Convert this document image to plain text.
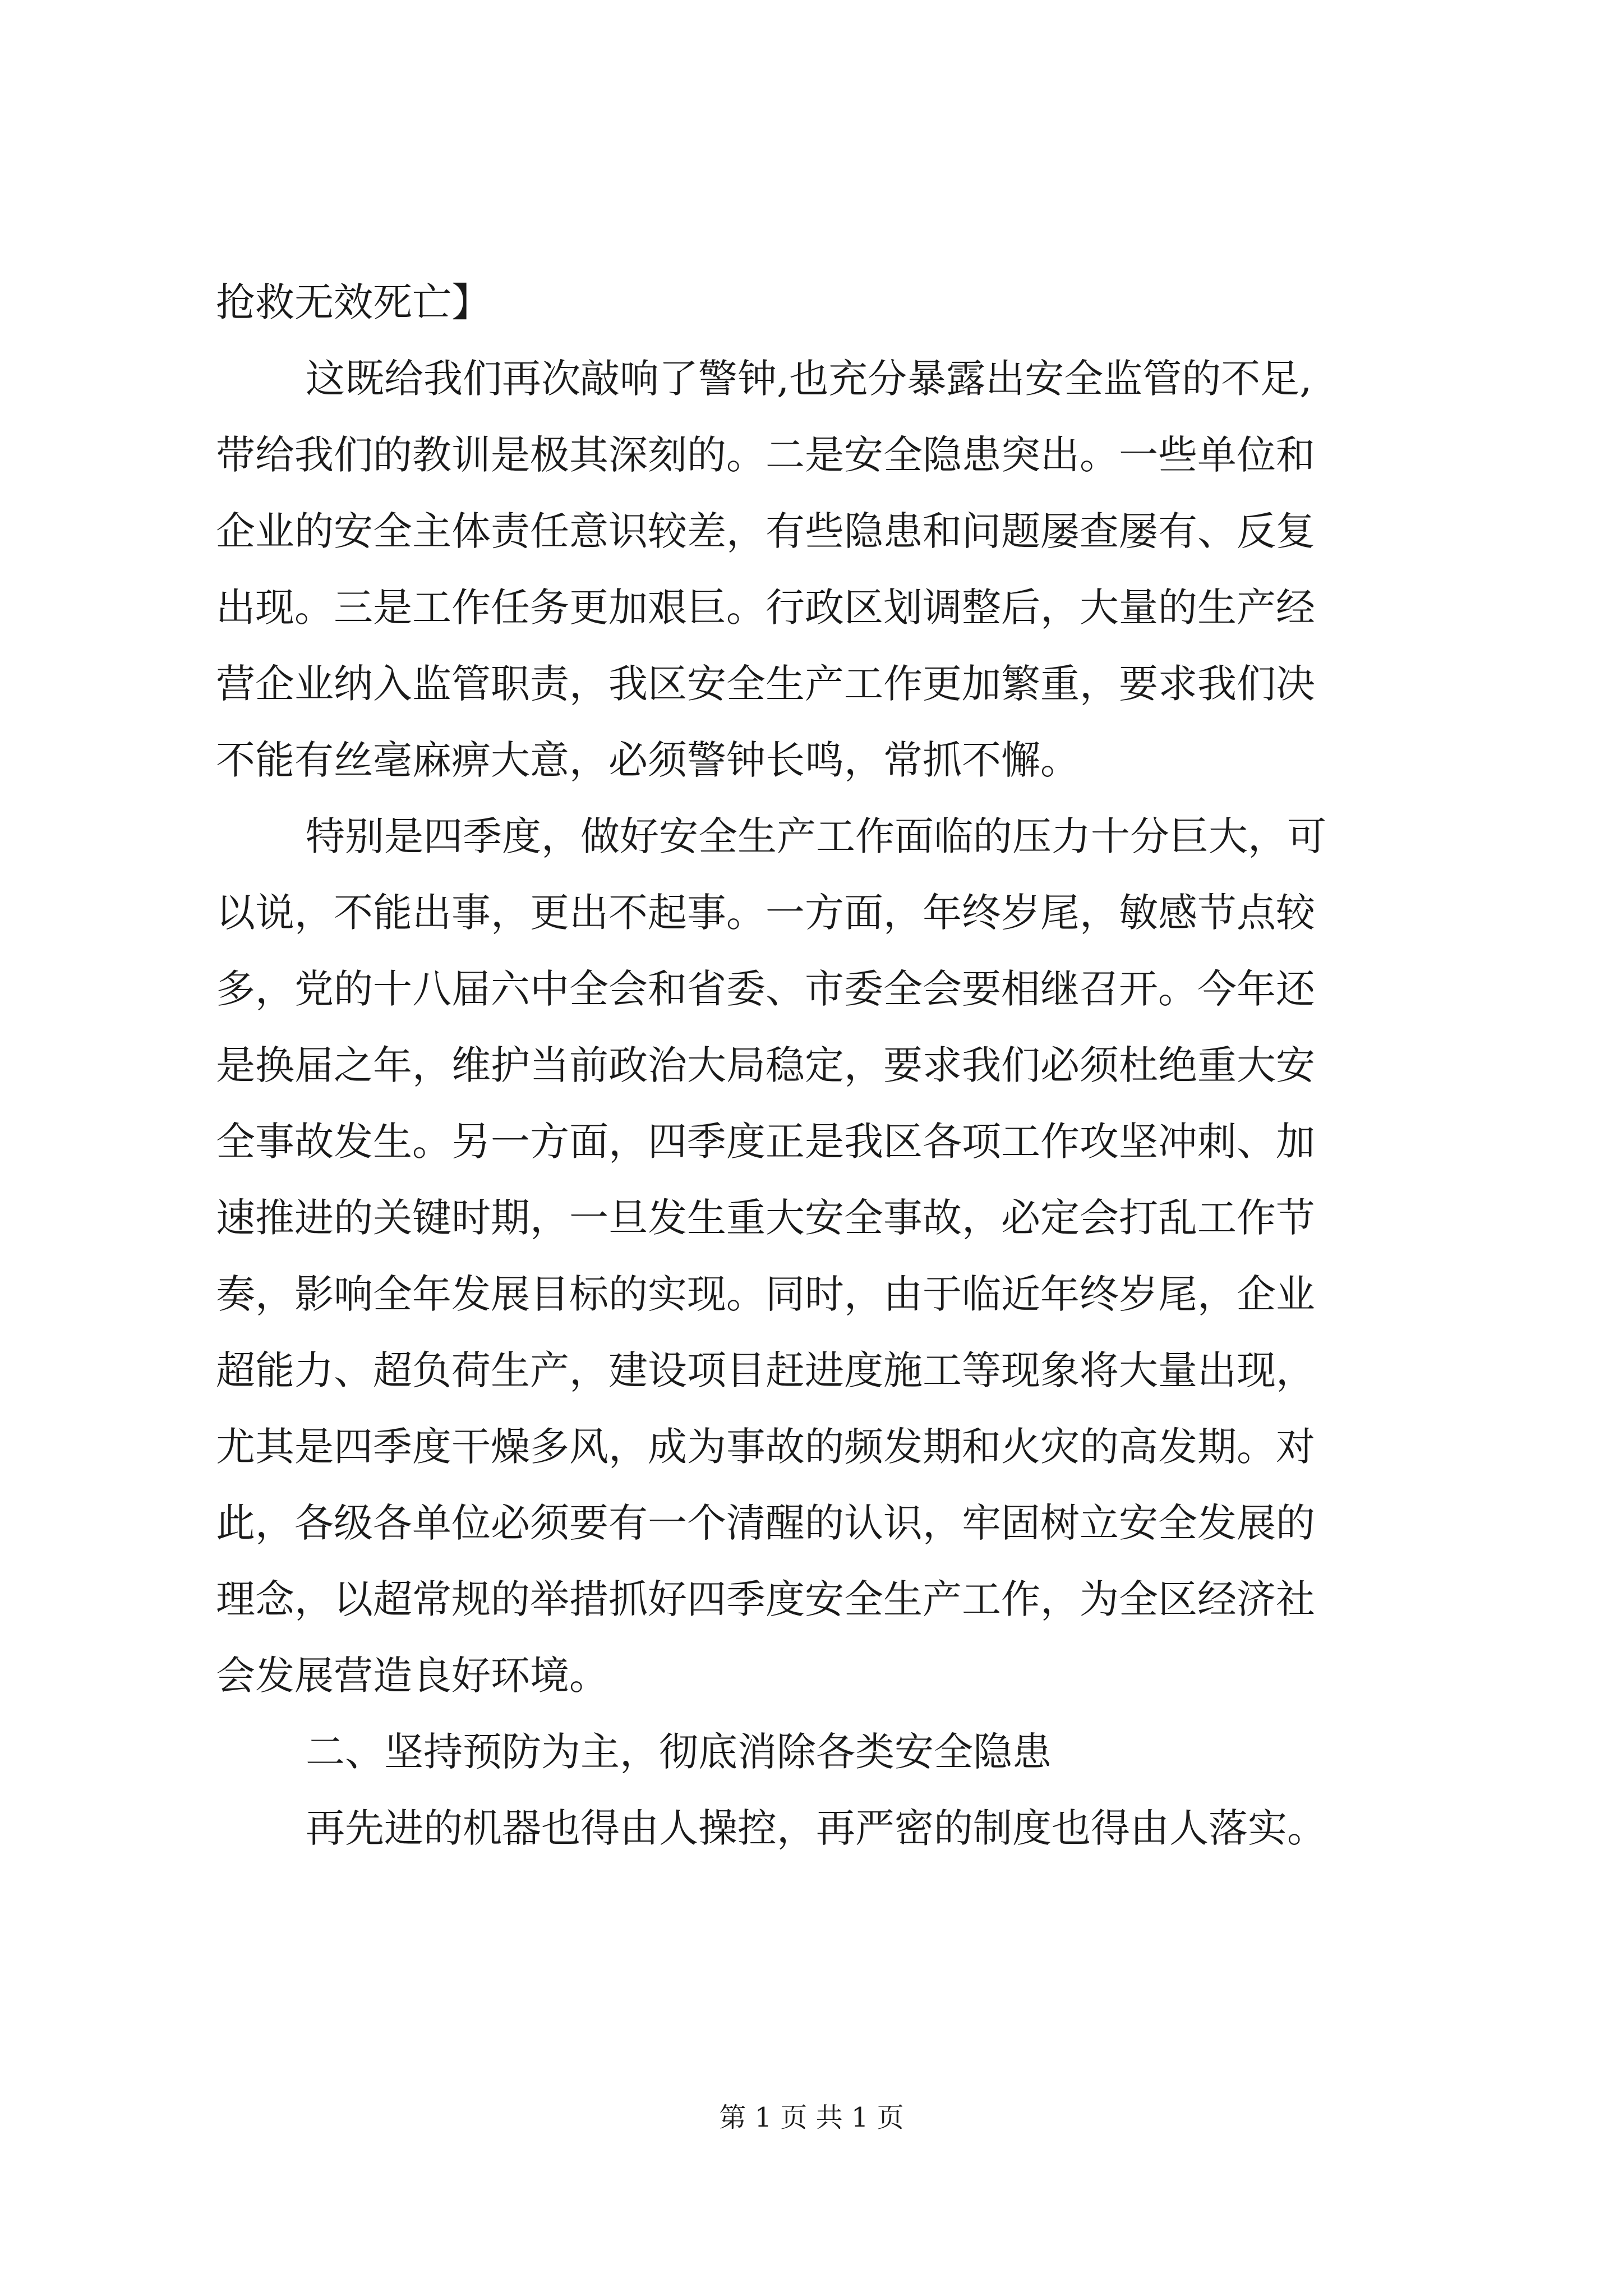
抢救无效死亡】

这既给我们再次敲响了警钟,也充分暴露出安全监管的不足,

带给我们的教训是极其深刻的。二是安全隐患突出。一些单位和

企业的安全主体责任意识较差，有些隐患和问题屡查屡有、反复

出现。三是工作任务更加艰巨。行政区划调整后，大量的生产经

营企业纳入监管职责，我区安全生产工作更加繁重，要求我们决

不能有丝毫麻痹大意，必须警钟长鸣，常抓不懈。

特别是四季度，做好安全生产工作面临的压力十分巨大，可

以说，不能出事，更出不起事。一方面，年终岁尾，敏感节点较

多，党的十八届六中全会和省委、市委全会要相继召开。今年还

是换届之年，维护当前政治大局稳定，要求我们必须杜绝重大安

全事故发生。另一方面，四季度正是我区各项工作攻坚冲刺、加

速推进的关键时期，一旦发生重大安全事故，必定会打乱工作节

奏，影响全年发展目标的实现。同时，由于临近年终岁尾，企业

超能力、超负荷生产，建设项目赶进度施工等现象将大量出现，

尤其是四季度干燥多风，成为事故的频发期和火灾的高发期。对

此，各级各单位必须要有一个清醒的认识，牢固树立安全发展的

理念，以超常规的举措抓好四季度安全生产工作，为全区经济社

会发展营造良好环境。

二、坚持预防为主，彻底消除各类安全隐患

再先进的机器也得由人操控，再严密的制度也得由人落实。

第 1 页 共 1 页
